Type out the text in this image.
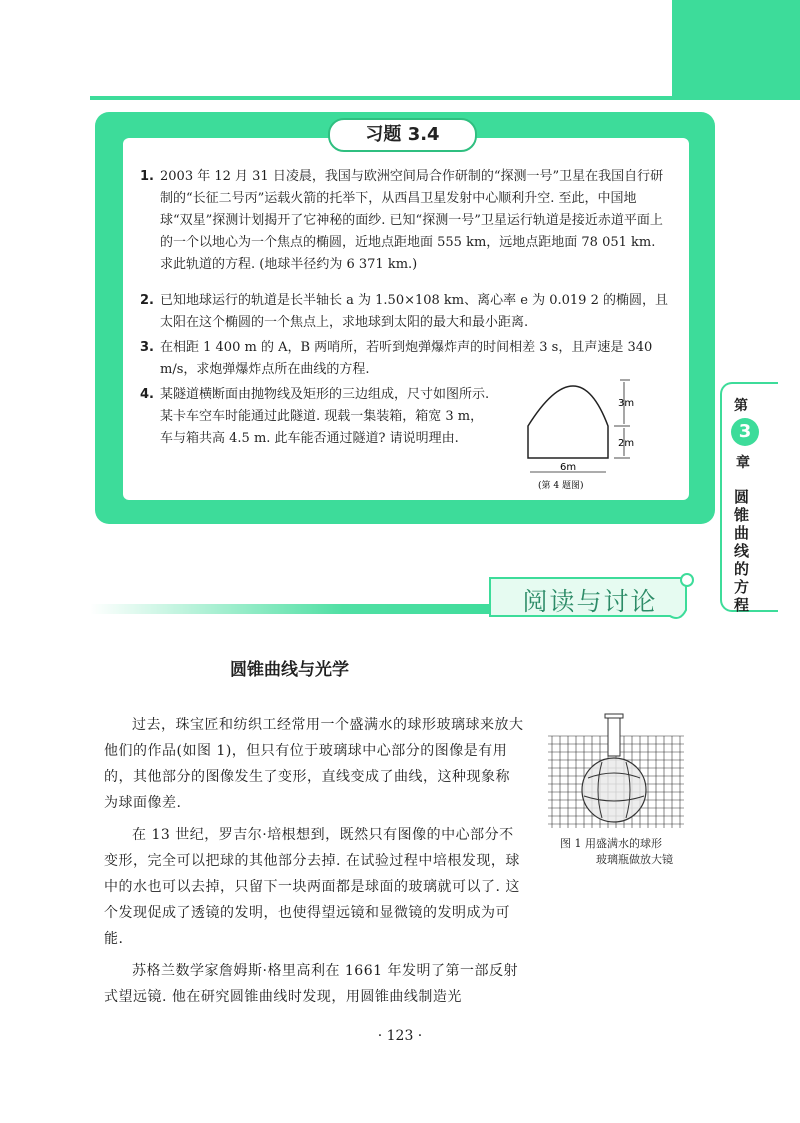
习题 3.4
1. 2003 年 12 月 31 日凌晨，我国与欧洲空间局合作研制的“探测一号”卫星在我国自行研制的“长征二号丙”运载火箭的托举下，从西昌卫星发射中心顺利升空. 至此，中国地球“双星”探测计划揭开了它神秘的面纱. 已知“探测一号”卫星运行轨道是接近赤道平面上的一个以地心为一个焦点的椭圆，近地点距地面 555 km，远地点距地面 78 051 km. 求此轨道的方程. (地球半径约为 6 371 km.)
2. 已知地球运行的轨道是长半轴长 a 为 1.50×108 km、离心率 e 为 0.019 2 的椭圆，且太阳在这个椭圆的一个焦点上，求地球到太阳的最大和最小距离.
3. 在相距 1 400 m 的 A，B 两哨所，若听到炮弹爆炸声的时间相差 3 s，且声速是 340 m/s，求炮弹爆炸点所在曲线的方程.
4. 某隧道横断面由抛物线及矩形的三边组成，尺寸如图所示. 某卡车空车时能通过此隧道. 现载一集装箱，箱宽 3 m，车与箱共高 4.5 m. 此车能否通过隧道? 请说明理由.
3m
2m
6m
(第 4 题图)
第
3
章
圆锥曲线的方程
阅读与讨论
圆锥曲线与光学
过去，珠宝匠和纺织工经常用一个盛满水的球形玻璃球来放大他们的作品(如图 1)，但只有位于玻璃球中心部分的图像是有用的，其他部分的图像发生了变形，直线变成了曲线，这种现象称为球面像差.
在 13 世纪，罗吉尔·培根想到，既然只有图像的中心部分不变形，完全可以把球的其他部分去掉. 在试验过程中培根发现，球中的水也可以去掉，只留下一块两面都是球面的玻璃就可以了. 这个发现促成了透镜的发明，也使得望远镜和显微镜的发明成为可能.
苏格兰数学家詹姆斯·格里高利在 1661 年发明了第一部反射式望远镜. 他在研究圆锥曲线时发现，用圆锥曲线制造光
图 1 用盛满水的球形
玻璃瓶做放大镜
· 123 ·
